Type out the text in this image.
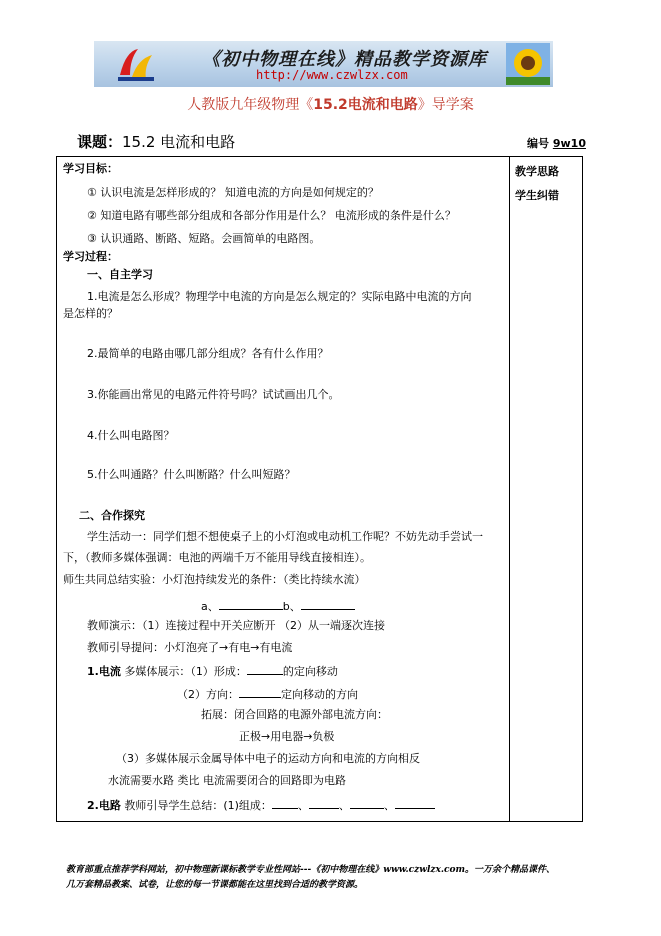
《初中物理在线》精品教学资源库
http://www.czwlzx.com
人教版九年级物理《15.2电流和电路》导学案
课题：15.2 电流和电路	编号 9w10
教学思路
学生纠错
学习目标：
① 认识电流是怎样形成的？ 知道电流的方向是如何规定的？
② 知道电路有哪些部分组成和各部分作用是什么？ 电流形成的条件是什么？
③ 认识通路、断路、短路。会画简单的电路图。
学习过程：
一、自主学习
1.电流是怎么形成？物理学中电流的方向是怎么规定的？实际电路中电流的方向
是怎样的？
2.最简单的电路由哪几部分组成？各有什么作用？
3.你能画出常见的电路元件符号吗？试试画出几个。
4.什么叫电路图？
5.什么叫通路？什么叫断路？什么叫短路？
二、合作探究
学生活动一：同学们想不想使桌子上的小灯泡或电动机工作呢？不妨先动手尝试一
下，（教师多媒体强调：电池的两端千万不能用导线直接相连）。
师生共同总结实验：小灯泡持续发光的条件：（类比持续水流）
a、	b、
教师演示：（1）连接过程中开关应断开 （2）从一端逐次连接
教师引导提问：小灯泡亮了→有电→有电流
1.电流 多媒体展示：（1）形成：	的定向移动
（2）方向：	定向移动的方向
拓展：闭合回路的电源外部电流方向：
正极→用电器→负极
（3）多媒体展示金属导体中电子的运动方向和电流的方向相反
水流需要水路 类比 电流需要闭合的回路即为电路
2.电路 教师引导学生总结：(1)组成： 、	、	、
教育部重点推荐学科网站，初中物理新课标教学专业性网站---《初中物理在线》www.czwlzx.com。一万余个精品课件、
几万套精品教案、试卷，让您的每一节课都能在这里找到合适的教学资源。
